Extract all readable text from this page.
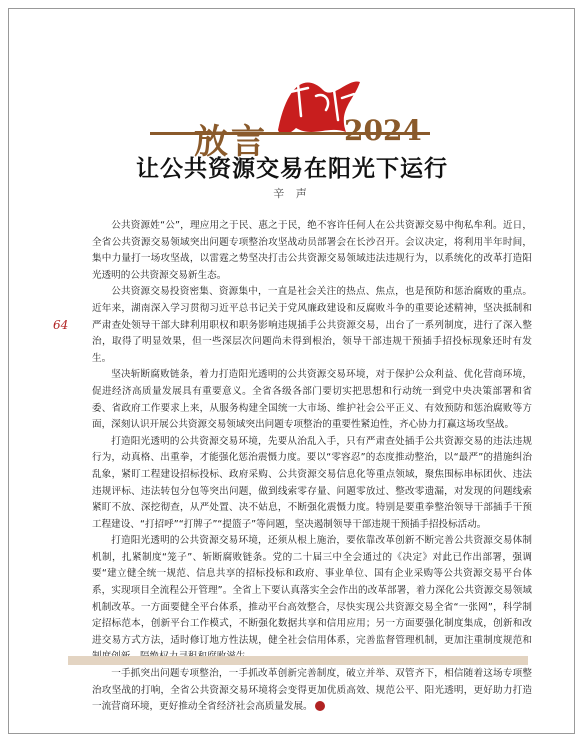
放言	2024
让公共资源交易在阳光下运行
辛 声
64

公共资源姓“公”，理应用之于民、惠之于民，绝不容许任何人在公共资源交易中徇私牟利。近日，全省公共资源交易领域突出问题专项整治攻坚战动员部署会在长沙召开。会议决定，将利用半年时间，集中力量打一场攻坚战，以雷霆之势坚决打击公共资源交易领域违法违规行为，以系统化的改革打造阳光透明的公共资源交易新生态。

公共资源交易投资密集、资源集中，一直是社会关注的热点、焦点，也是预防和惩治腐败的重点。近年来，湖南深入学习贯彻习近平总书记关于党风廉政建设和反腐败斗争的重要论述精神，坚决抵制和严肃查处领导干部大肆利用职权和职务影响违规插手公共资源交易，出台了一系列制度，进行了深入整治，取得了明显效果，但一些深层次问题尚未得到根治，领导干部违规干预插手招投标现象还时有发生。

坚决斩断腐败链条，着力打造阳光透明的公共资源交易环境，对于保护公众利益、优化营商环境，促进经济高质量发展具有重要意义。全省各级各部门要切实把思想和行动统一到党中央决策部署和省委、省政府工作要求上来，从服务构建全国统一大市场、维护社会公平正义、有效预防和惩治腐败等方面，深刻认识开展公共资源交易领域突出问题专项整治的重要性紧迫性，齐心协力打赢这场攻坚战。

打造阳光透明的公共资源交易环境，先要从治乱入手，只有严肃查处插手公共资源交易的违法违规行为，动真格、出重拳，才能强化惩治震慑力度。要以“零容忍”的态度推动整治，以“最严”的措施纠治乱象，紧盯工程建设招标投标、政府采购、公共资源交易信息化等重点领域，聚焦围标串标团伙、违法违规评标、违法转包分包等突出问题，做到线索零存量、问题零放过、整改零遗漏，对发现的问题线索紧盯不放、深挖彻查，从严处置、决不姑息，不断强化震慑力度。特别是要重拳整治领导干部插手干预工程建设、“打招呼”“打牌子”“提篮子”等问题，坚决遏制领导干部违规干预插手招投标活动。

打造阳光透明的公共资源交易环境，还须从根上施治，要依靠改革创新不断完善公共资源交易体制机制，扎紧制度“笼子”、斩断腐败链条。党的二十届三中全会通过的《决定》对此已作出部署，强调要“建立健全统一规范、信息共享的招标投标和政府、事业单位、国有企业采购等公共资源交易平台体系，实现项目全流程公开管理”。全省上下要认真落实全会作出的改革部署，着力深化公共资源交易领域机制改革。一方面要健全平台体系，推动平台高效整合，尽快实现公共资源交易全省“一张网”，科学制定招标范本，创新平台工作模式，不断强化数据共享和信用应用；另一方面要强化制度集成，创新和改进交易方式方法，适时修订地方性法规，健全社会信用体系，完善监督管理机制，更加注重制度规范和

一手抓突出问题专项整治，一手抓改革创新完善制度，破立并举、双管齐下，相信随着这场专项整治攻坚战的打响，全省公共资源交易环境将会变得更加优质高效、规范公平、阳光透明，更好助力打造一流营商环境，更好推动全省经济社会高质量发展。
